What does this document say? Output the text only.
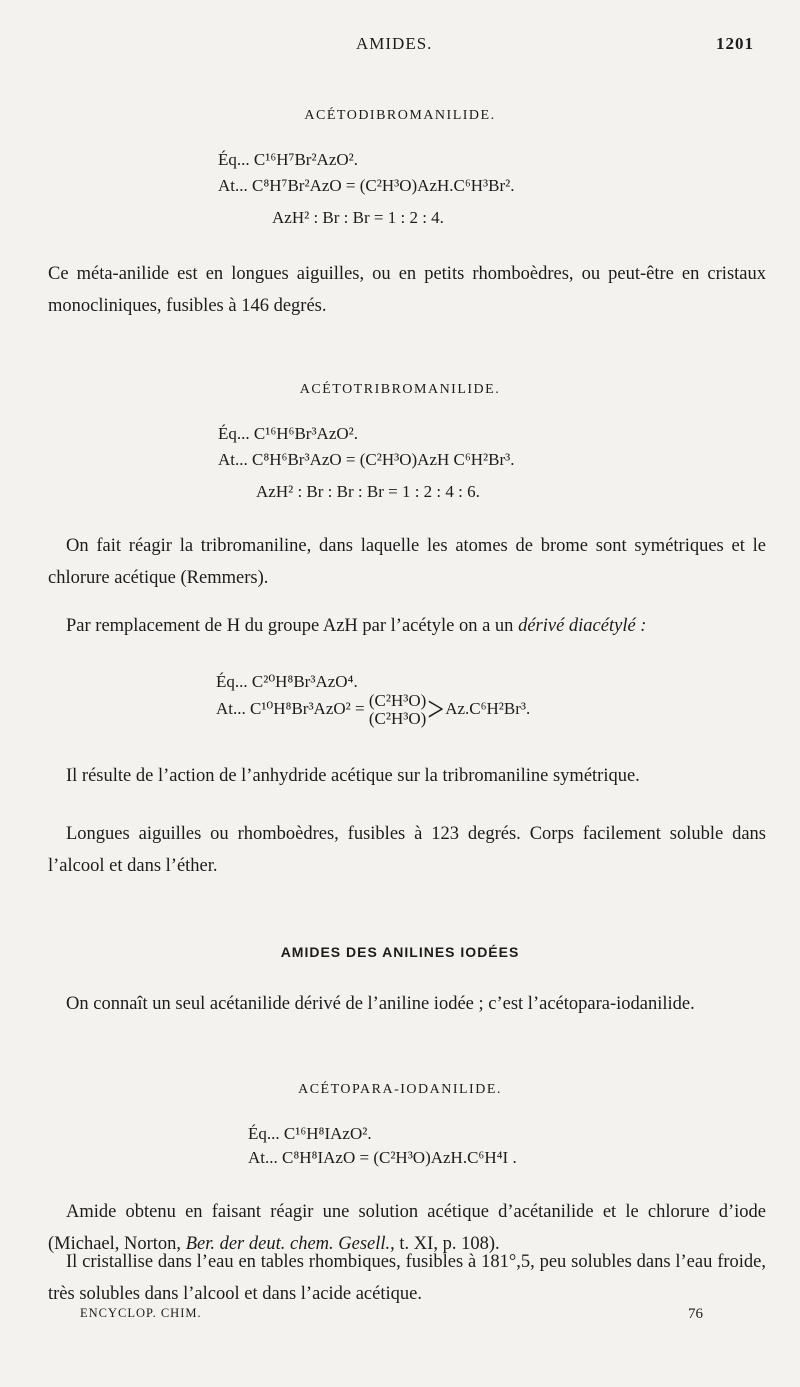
AMIDES.	1201
ACÉTODIBROMANILIDE.
Éq... C¹⁶H⁷Br²AzO².
At... C⁸H⁷Br²AzO = (C²H³O)AzH.C⁶H³Br².
AzH² : Br : Br = 1 : 2 : 4.
Ce méta-anilide est en longues aiguilles, ou en petits rhomboèdres, ou peut-être en cristaux monocliniques, fusibles à 146 degrés.
ACÉTOTRIBROMANILIDE.
Éq... C¹⁶H⁶Br³AzO².
At... C⁸H⁶Br³AzO = (C²H³O)AzH C⁶H²Br³.
AzH² : Br : Br : Br = 1 : 2 : 4 : 6.
On fait réagir la tribromaniline, dans laquelle les atomes de brome sont symétriques et le chlorure acétique (Remmers).
Par remplacement de H du groupe AzH par l’acétyle on a un dérivé diacétylé :
Éq... C²⁰H⁸Br³AzO⁴.
At... C¹⁰H⁸Br³AzO² = (C²H³O)
(C²H³O)>Az.C⁶H²Br³.
Il résulte de l’action de l’anhydride acétique sur la tribromaniline symétrique.
Longues aiguilles ou rhomboèdres, fusibles à 123 degrés. Corps facilement soluble dans l’alcool et dans l’éther.
AMIDES DES ANILINES IODÉES
On connaît un seul acétanilide dérivé de l’aniline iodée ; c’est l’acétopara-iodanilide.
ACÉTOPARA-IODANILIDE.
Éq... C¹⁶H⁸IAzO².
At... C⁸H⁸IAzO = (C²H³O)AzH.C⁶H⁴I .
Amide obtenu en faisant réagir une solution acétique d’acétanilide et le chlorure d’iode (Michael, Norton, Ber. der deut. chem. Gesell., t. XI, p. 108).
Il cristallise dans l’eau en tables rhombiques, fusibles à 181°,5, peu solubles dans l’eau froide, très solubles dans l’alcool et dans l’acide acétique.
ENCYCLOP. CHIM.	76
